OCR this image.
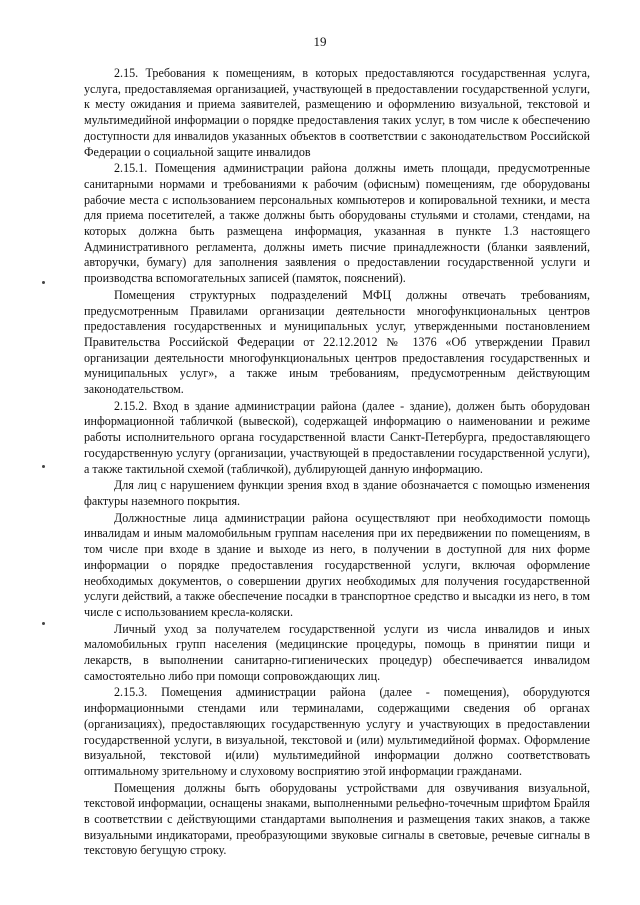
19

2.15. Требования к помещениям, в которых предоставляются государственная услуга, услуга, предоставляемая организацией, участвующей в предоставлении государственной услуги, к месту ожидания и приема заявителей, размещению и оформлению визуальной, текстовой и мультимедийной информации о порядке предоставления таких услуг, в том числе к обеспечению доступности для инвалидов указанных объектов в соответствии с законодательством Российской Федерации о социальной защите инвалидов

2.15.1. Помещения администрации района должны иметь площади, предусмотренные санитарными нормами и требованиями к рабочим (офисным) помещениям, где оборудованы рабочие места с использованием персональных компьютеров и копировальной техники, и места для приема посетителей, а также должны быть оборудованы стульями и столами, стендами, на которых должна быть размещена информация, указанная в пункте 1.3 настоящего Административного регламента, должны иметь писчие принадлежности (бланки заявлений, авторучки, бумагу) для заполнения заявления о предоставлении государственной услуги и производства вспомогательных записей (памяток, пояснений).

Помещения структурных подразделений МФЦ должны отвечать требованиям, предусмотренным Правилами организации деятельности многофункциональных центров предоставления государственных и муниципальных услуг, утвержденными постановлением Правительства Российской Федерации от 22.12.2012 № 1376 «Об утверждении Правил организации деятельности многофункциональных центров предоставления государственных и муниципальных услуг», а также иным требованиям, предусмотренным действующим законодательством.

2.15.2. Вход в здание администрации района (далее - здание), должен быть оборудован информационной табличкой (вывеской), содержащей информацию о наименовании и режиме работы исполнительного органа государственной власти Санкт-Петербурга, предоставляющего государственную услугу (организации, участвующей в предоставлении государственной услуги), а также тактильной схемой (табличкой), дублирующей данную информацию.

Для лиц с нарушением функции зрения вход в здание обозначается с помощью изменения фактуры наземного покрытия.

Должностные лица администрации района осуществляют при необходимости помощь инвалидам и иным маломобильным группам населения при их передвижении по помещениям, в том числе при входе в здание и выходе из него, в получении в доступной для них форме информации о порядке предоставления государственной услуги, включая оформление необходимых документов, о совершении других необходимых для получения государственной услуги действий, а также обеспечение посадки в транспортное средство и высадки из него, в том числе с использованием кресла-коляски.

Личный уход за получателем государственной услуги из числа инвалидов и иных маломобильных групп населения (медицинские процедуры, помощь в принятии пищи и лекарств, в выполнении санитарно-гигиенических процедур) обеспечивается инвалидом самостоятельно либо при помощи сопровождающих лиц.

2.15.3. Помещения администрации района (далее - помещения), оборудуются информационными стендами или терминалами, содержащими сведения об органах (организациях), предоставляющих государственную услугу и участвующих в предоставлении государственной услуги, в визуальной, текстовой и (или) мультимедийной формах. Оформление визуальной, текстовой и(или) мультимедийной информации должно соответствовать оптимальному зрительному и слуховому восприятию этой информации гражданами.

Помещения должны быть оборудованы устройствами для озвучивания визуальной, текстовой информации, оснащены знаками, выполненными рельефно-точечным шрифтом Брайля в соответствии с действующими стандартами выполнения и размещения таких знаков, а также визуальными индикаторами, преобразующими звуковые сигналы в световые, речевые сигналы в текстовую бегущую строку.
